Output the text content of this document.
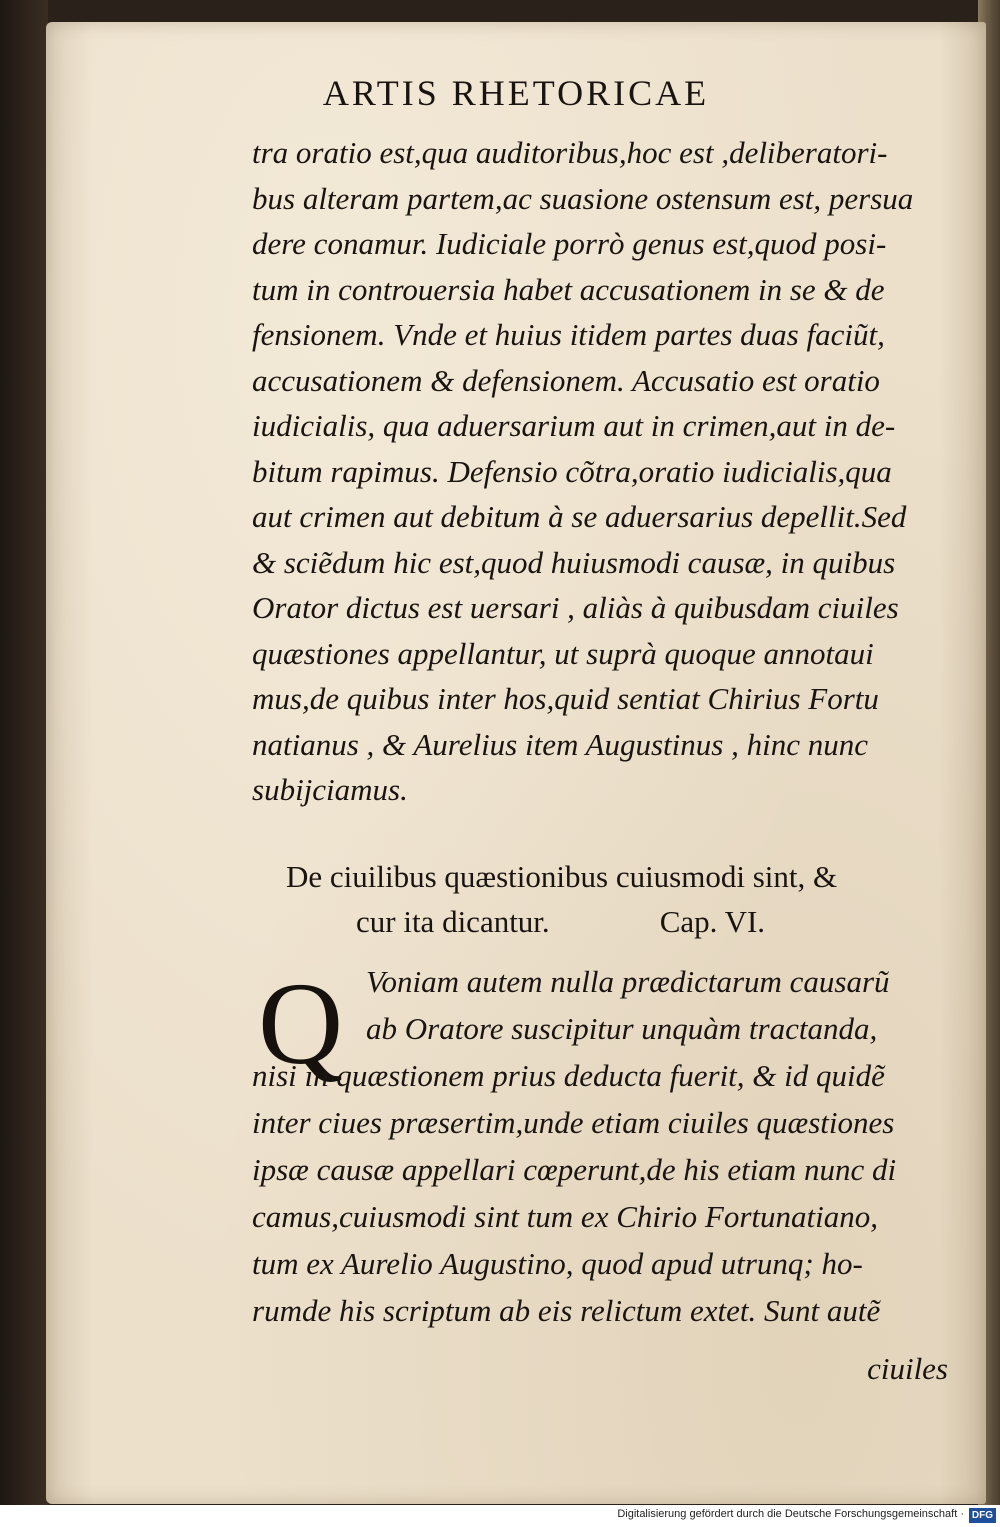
ARTIS RHETORICAE
tra oratio est,qua auditoribus,hoc est ,deliberatori-
bus alteram partem,ac suasione ostensum est, persua
dere conamur. Iudiciale porrò genus est,quod posi-
tum in controuersia habet accusationem in se & de
fensionem. Vnde et huius itidem partes duas faciũt,
accusationem & defensionem. Accusatio est oratio
iudicialis, qua aduersarium aut in crimen,aut in de-
bitum rapimus. Defensio cõtra,oratio iudicialis,qua
aut crimen aut debitum à se aduersarius depellit.Sed
& sciẽdum hic est,quod huiusmodi causæ, in quibus
Orator dictus est uersari , aliàs à quibusdam ciuiles
quæstiones appellantur, ut suprà quoque annotaui
mus,de quibus inter hos,quid sentiat Chirius Fortu
natianus , & Aurelius item Augustinus , hinc nunc
subijciamus.
De ciuilibus quæstionibus cuiusmodi sint, &
cur ita dicantur.	Cap. VI.
Q Voniam autem nulla prædictarum causarũ
ab Oratore suscipitur unquàm tractanda,
nisi in quæstionem prius deducta fuerit, & id quidẽ
inter ciues præsertim,unde etiam ciuiles quæstiones
ipsæ causæ appellari cœperunt,de his etiam nunc di
camus,cuiusmodi sint tum ex Chirio Fortunatiano,
tum ex Aurelio Augustino, quod apud utrunq; ho-
rumde his scriptum ab eis relictum extet. Sunt autẽ
ciuiles
Digitalisierung gefördert durch die Deutsche Forschungsgemeinschaft · DFG
